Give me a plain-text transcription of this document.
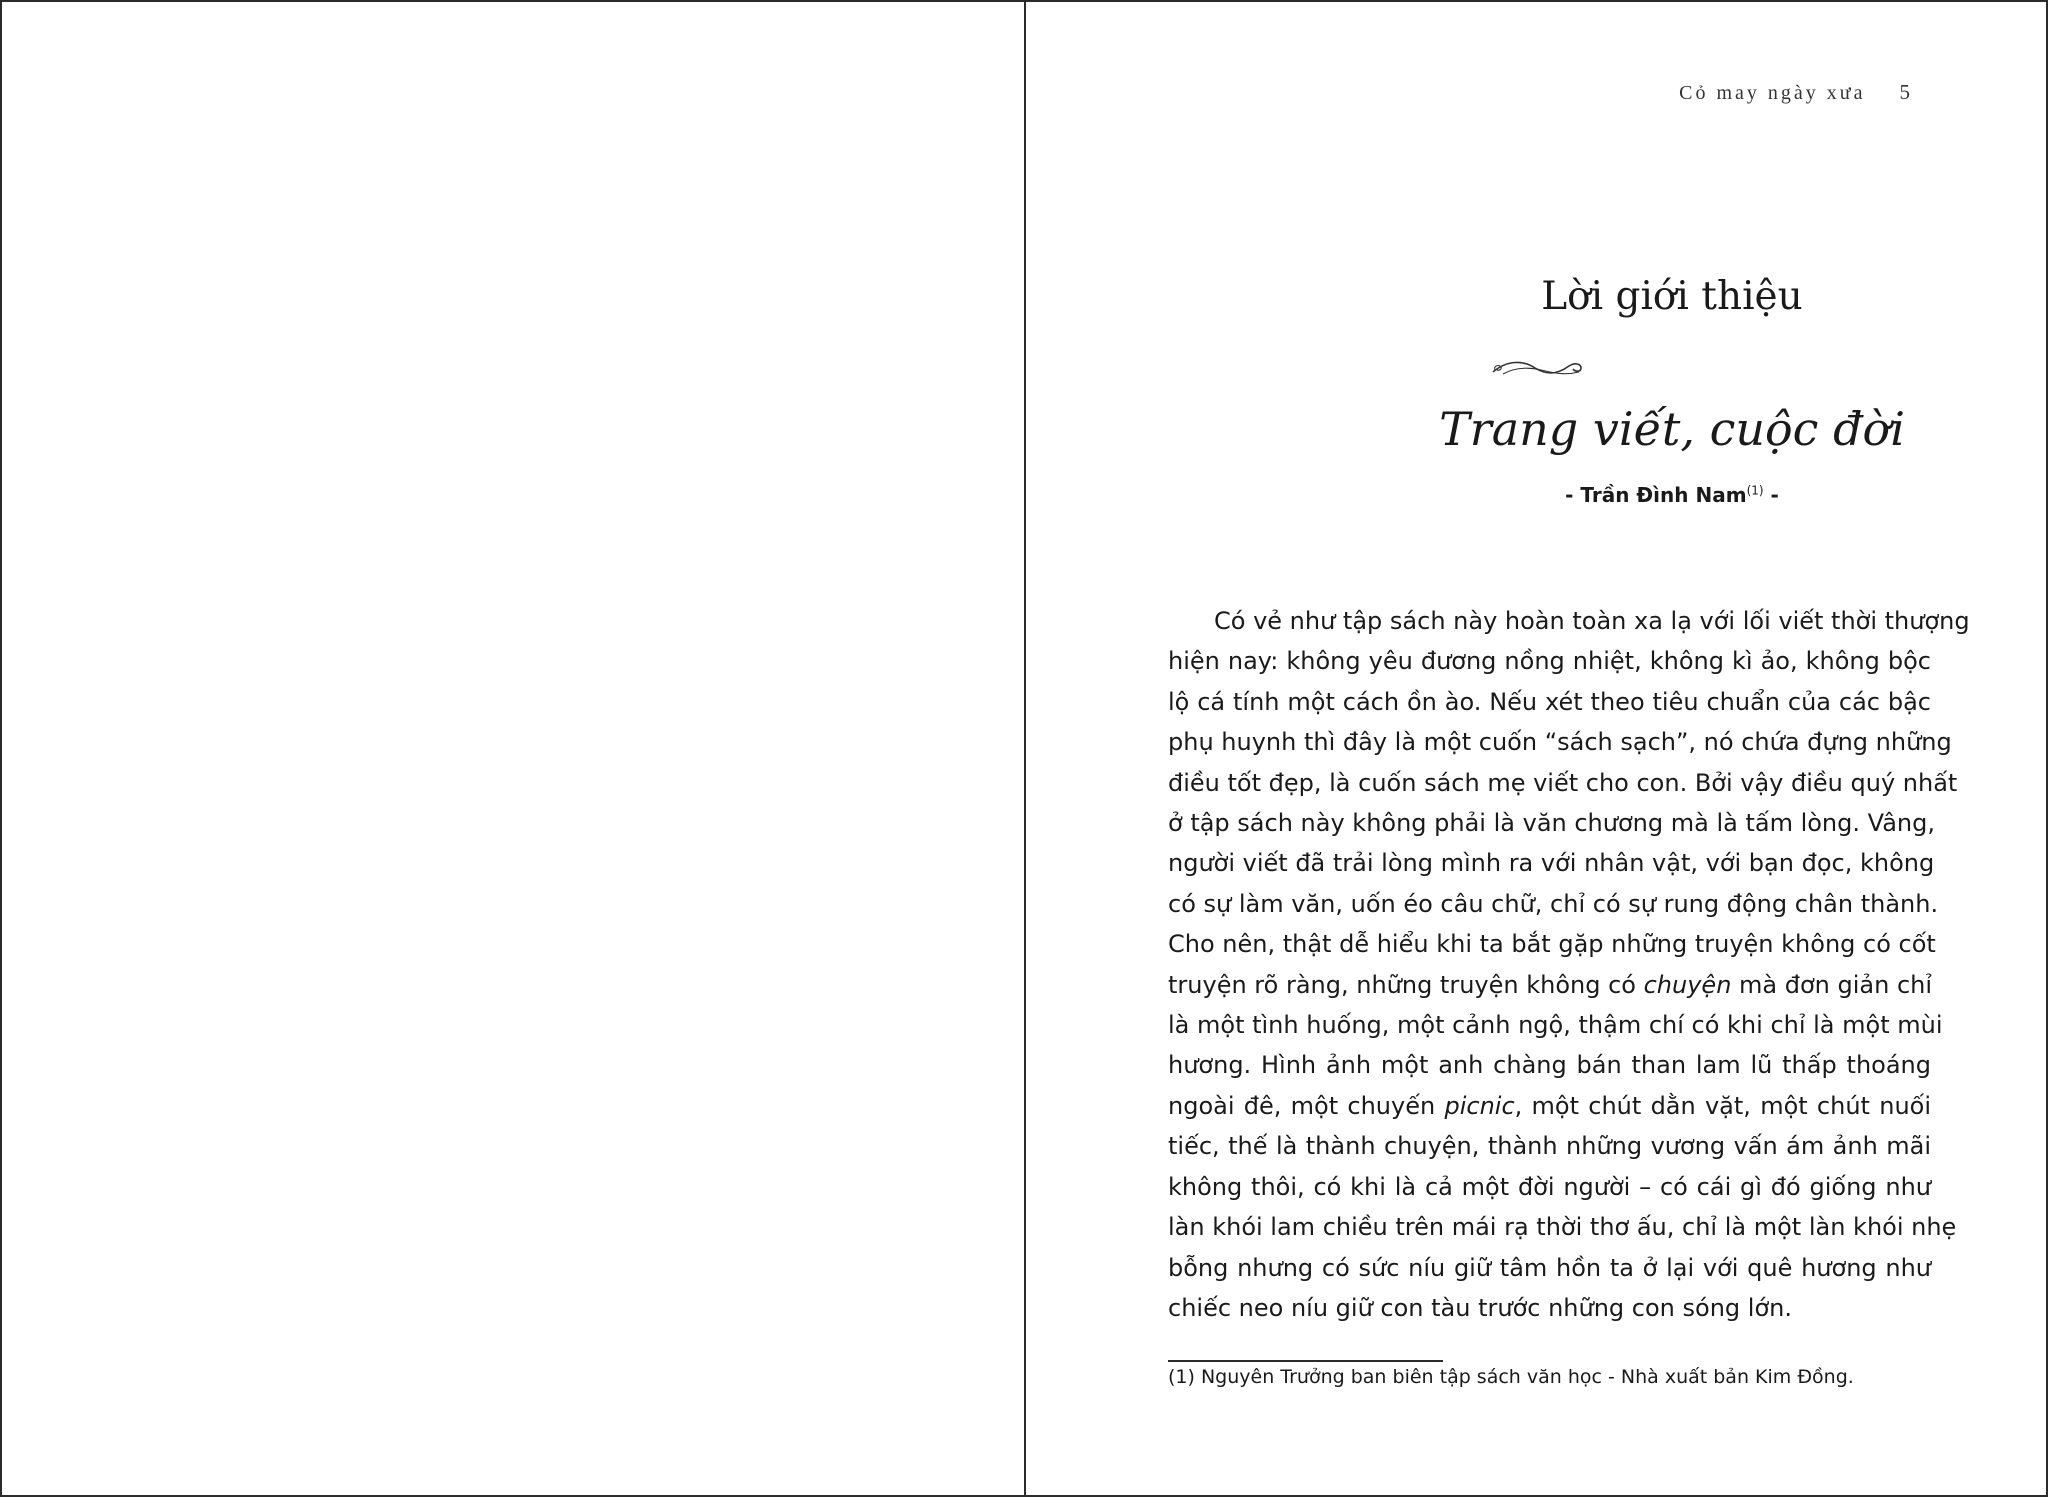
Cỏ may ngày xưa 5
Lời giới thiệu
Trang viết, cuộc đời
- Trần Đình Nam$^{(1)}$ -
Có vẻ như tập sách này hoàn toàn xa lạ với lối viết thời thượng
hiện nay: không yêu đương nồng nhiệt, không kì ảo, không bộc
lộ cá tính một cách ồn ào. Nếu xét theo tiêu chuẩn của các bậc
phụ huynh thì đây là một cuốn “sách sạch”, nó chứa đựng những
điều tốt đẹp, là cuốn sách mẹ viết cho con. Bởi vậy điều quý nhất
ở tập sách này không phải là văn chương mà là tấm lòng. Vâng,
người viết đã trải lòng mình ra với nhân vật, với bạn đọc, không
có sự làm văn, uốn éo câu chữ, chỉ có sự rung động chân thành.
Cho nên, thật dễ hiểu khi ta bắt gặp những truyện không có cốt
truyện rõ ràng, những truyện không có chuyện mà đơn giản chỉ
là một tình huống, một cảnh ngộ, thậm chí có khi chỉ là một mùi
hương. Hình ảnh một anh chàng bán than lam lũ thấp thoáng
ngoài đê, một chuyến picnic, một chút dằn vặt, một chút nuối
tiếc, thế là thành chuyện, thành những vương vấn ám ảnh mãi
không thôi, có khi là cả một đời người – có cái gì đó giống như
làn khói lam chiều trên mái rạ thời thơ ấu, chỉ là một làn khói nhẹ
bỗng nhưng có sức níu giữ tâm hồn ta ở lại với quê hương như
chiếc neo níu giữ con tàu trước những con sóng lớn.
(1) Nguyên Trưởng ban biên tập sách văn học - Nhà xuất bản Kim Đồng.
